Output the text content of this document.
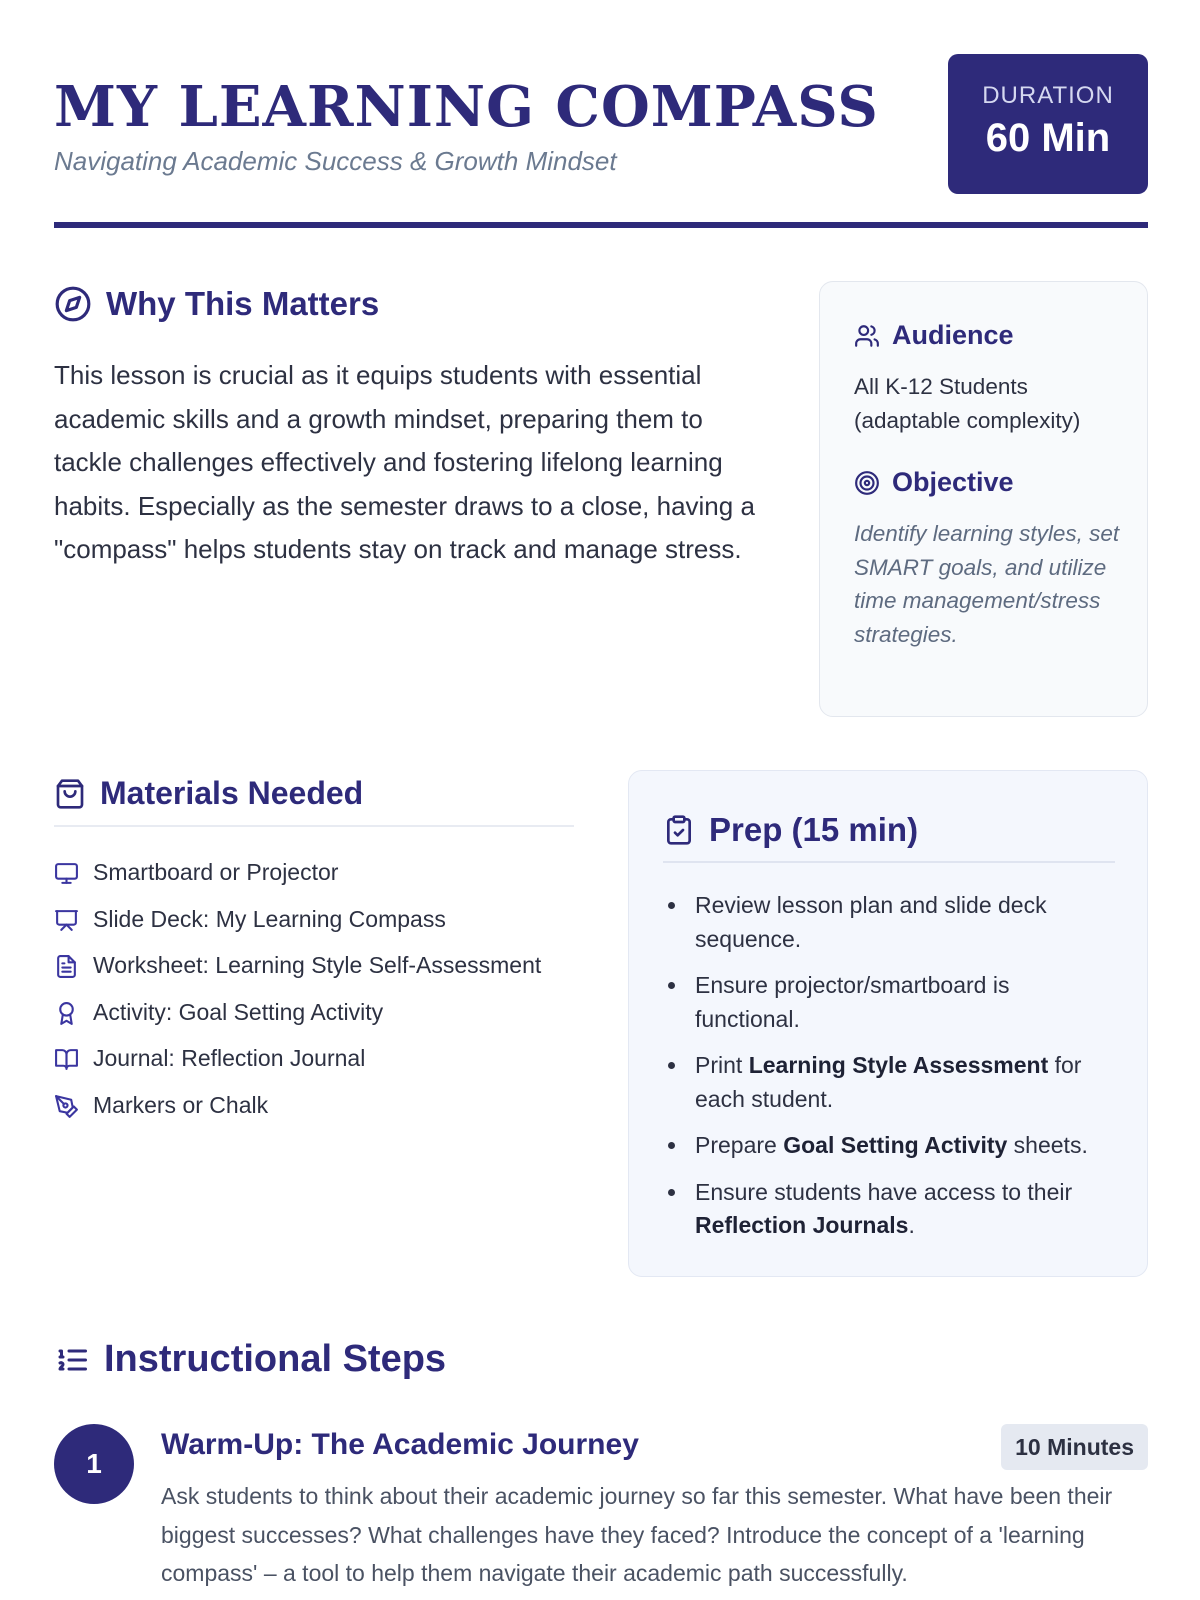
MY LEARNING COMPASS
Navigating Academic Success & Growth Mindset
DURATION
60 Min
Why This Matters

This lesson is crucial as it equips students with essential academic skills and a growth mindset, preparing them to tackle challenges effectively and fostering lifelong learning habits. Especially as the semester draws to a close, having a "compass" helps students stay on track and manage stress.

Audience
All K-12 Students (adaptable complexity)
Objective
Identify learning styles, set SMART goals, and utilize time management/stress strategies.
Materials Needed
Smartboard or Projector
Slide Deck: My Learning Compass
Worksheet: Learning Style Self-Assessment
Activity: Goal Setting Activity
Journal: Reflection Journal
Markers or Chalk
Prep (15 min)
• Review lesson plan and slide deck sequence.
• Ensure projector/smartboard is functional.
• Print Learning Style Assessment for each student.
• Prepare Goal Setting Activity sheets.
• Ensure students have access to their Reflection Journals.
Instructional Steps
1
Warm-Up: The Academic Journey	10 Minutes

Ask students to think about their academic journey so far this semester. What have been their biggest successes? What challenges have they faced? Introduce the concept of a 'learning compass' – a tool to help them navigate their academic path successfully.
